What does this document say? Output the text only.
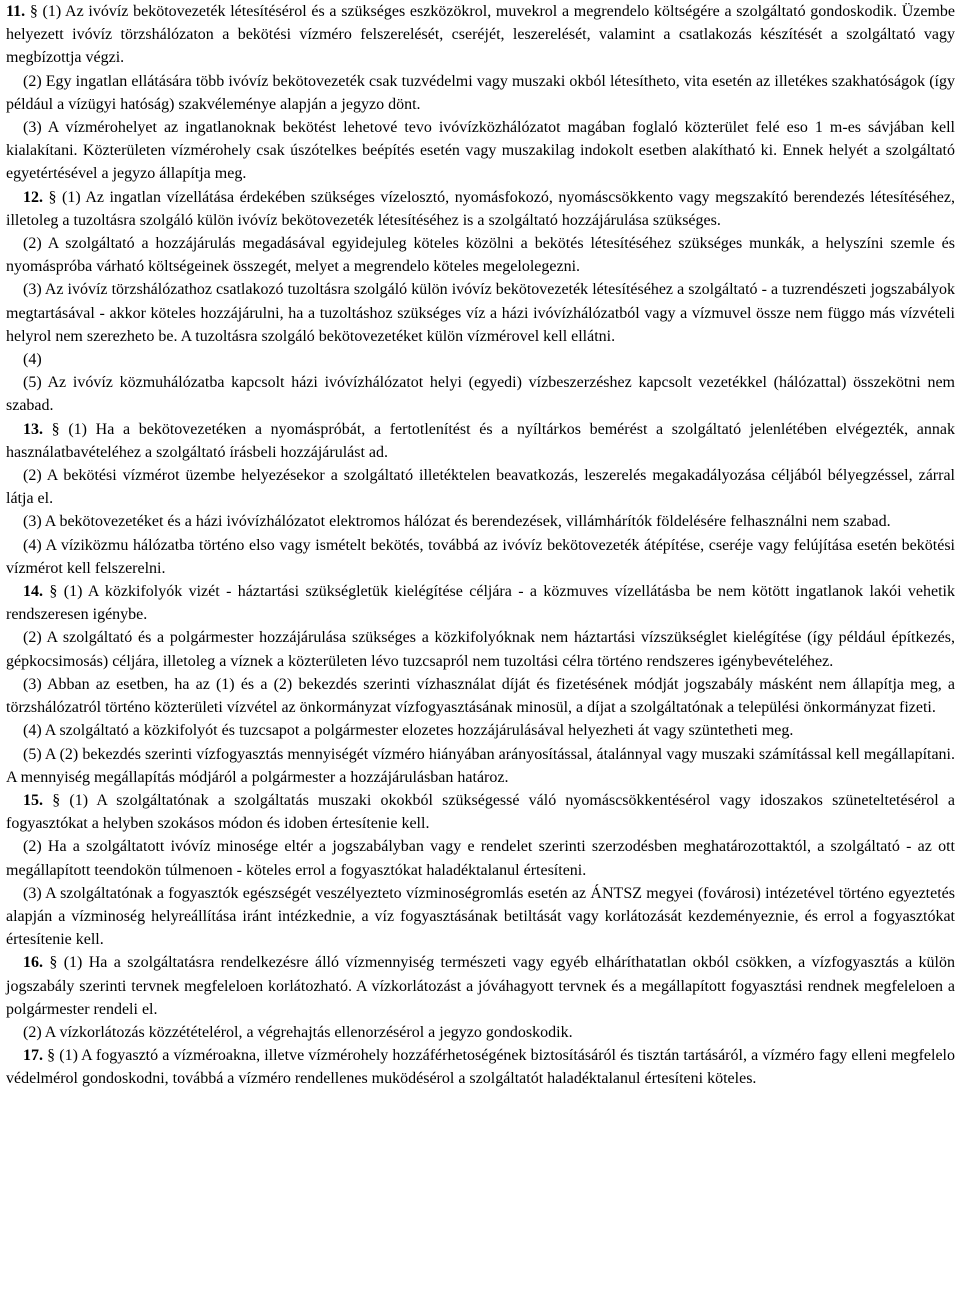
11. § (1) Az ivóvíz bekötovezeték létesítésérol és a szükséges eszközökrol, muvekrol a megrendelo költségére a szolgáltató gondoskodik. Üzembe helyezett ivóvíz törzshálózaton a bekötési vízméro felszerelését, cseréjét, leszerelését, valamint a csatlakozás készítését a szolgáltató vagy megbízottja végzi.

(2) Egy ingatlan ellátására több ivóvíz bekötovezeték csak tuzvédelmi vagy muszaki okból létesítheto, vita esetén az illetékes szakhatóságok (így például a vízügyi hatóság) szakvéleménye alapján a jegyzo dönt.

(3) A vízmérohelyet az ingatlanoknak bekötést lehetové tevo ivóvízközhálózatot magában foglaló közterület felé eso 1 m-es sávjában kell kialakítani. Közterületen vízmérohely csak úszótelkes beépítés esetén vagy muszakilag indokolt esetben alakítható ki. Ennek helyét a szolgáltató egyetértésével a jegyzo állapítja meg.

12. § (1) Az ingatlan vízellátása érdekében szükséges vízelosztó, nyomásfokozó, nyomáscsökkento vagy megszakító berendezés létesítéséhez, illetoleg a tuzoltásra szolgáló külön ivóvíz bekötovezeték létesítéséhez is a szolgáltató hozzájárulása szükséges.

(2) A szolgáltató a hozzájárulás megadásával egyidejuleg köteles közölni a bekötés létesítéséhez szükséges munkák, a helyszíni szemle és nyomáspróba várható költségeinek összegét, melyet a megrendelo köteles megelolegezni.

(3) Az ivóvíz törzshálózathoz csatlakozó tuzoltásra szolgáló külön ivóvíz bekötovezeték létesítéséhez a szolgáltató - a tuzrendészeti jogszabályok megtartásával - akkor köteles hozzájárulni, ha a tuzoltáshoz szükséges víz a házi ivóvízhálózatból vagy a vízmuvel össze nem függo más vízvételi helyrol nem szerezheto be. A tuzoltásra szolgáló bekötovezetéket külön vízmérovel kell ellátni.

(4)

(5) Az ivóvíz közmuhálózatba kapcsolt házi ivóvízhálózatot helyi (egyedi) vízbeszerzéshez kapcsolt vezetékkel (hálózattal) összekötni nem szabad.

13. § (1) Ha a bekötovezetéken a nyomáspróbát, a fertotlenítést és a nyíltárkos bemérést a szolgáltató jelenlétében elvégezték, annak használatbavételéhez a szolgáltató írásbeli hozzájárulást ad.

(2) A bekötési vízmérot üzembe helyezésekor a szolgáltató illetéktelen beavatkozás, leszerelés megakadályozása céljából bélyegzéssel, zárral látja el.

(3) A bekötovezetéket és a házi ivóvízhálózatot elektromos hálózat és berendezések, villámhárítók földelésére felhasználni nem szabad.

(4) A víziközmu hálózatba történo elso vagy ismételt bekötés, továbbá az ivóvíz bekötovezeték átépítése, cseréje vagy felújítása esetén bekötési vízmérot kell felszerelni.

14. § (1) A közkifolyók vizét - háztartási szükségletük kielégítése céljára - a közmuves vízellátásba be nem kötött ingatlanok lakói vehetik rendszeresen igénybe.

(2) A szolgáltató és a polgármester hozzájárulása szükséges a közkifolyóknak nem háztartási vízszükséglet kielégítése (így például építkezés, gépkocsimosás) céljára, illetoleg a víznek a közterületen lévo tuzcsapról nem tuzoltási célra történo rendszeres igénybevételéhez.

(3) Abban az esetben, ha az (1) és a (2) bekezdés szerinti vízhasználat díját és fizetésének módját jogszabály másként nem állapítja meg, a törzshálózatról történo közterületi vízvétel az önkormányzat vízfogyasztásának minosül, a díjat a szolgáltatónak a települési önkormányzat fizeti.

(4) A szolgáltató a közkifolyót és tuzcsapot a polgármester elozetes hozzájárulásával helyezheti át vagy szüntetheti meg.

(5) A (2) bekezdés szerinti vízfogyasztás mennyiségét vízméro hiányában arányosítással, átalánnyal vagy muszaki számítással kell megállapítani. A mennyiség megállapítás módjáról a polgármester a hozzájárulásban határoz.

15. § (1) A szolgáltatónak a szolgáltatás muszaki okokból szükségessé váló nyomáscsökkentésérol vagy idoszakos szüneteltetésérol a fogyasztókat a helyben szokásos módon és idoben értesítenie kell.

(2) Ha a szolgáltatott ivóvíz minosége eltér a jogszabályban vagy e rendelet szerinti szerzodésben meghatározottaktól, a szolgáltató - az ott megállapított teendokön túlmenoen - köteles errol a fogyasztókat haladéktalanul értesíteni.

(3) A szolgáltatónak a fogyasztók egészségét veszélyezteto vízminoségromlás esetén az ÁNTSZ megyei (fovárosi) intézetével történo egyeztetés alapján a vízminoség helyreállítása iránt intézkednie, a víz fogyasztásának betiltását vagy korlátozását kezdeményeznie, és errol a fogyasztókat értesítenie kell.

16. § (1) Ha a szolgáltatásra rendelkezésre álló vízmennyiség természeti vagy egyéb elháríthatatlan okból csökken, a vízfogyasztás a külön jogszabály szerinti tervnek megfeleloen korlátozható. A vízkorlátozást a jóváhagyott tervnek és a megállapított fogyasztási rendnek megfeleloen a polgármester rendeli el.

(2) A vízkorlátozás közzétételérol, a végrehajtás ellenorzésérol a jegyzo gondoskodik.

17. § (1) A fogyasztó a vízméroakna, illetve vízmérohely hozzáférhetoségének biztosításáról és tisztán tartásáról, a vízméro fagy elleni megfelelo védelmérol gondoskodni, továbbá a vízméro rendellenes muködésérol a szolgáltatót haladéktalanul értesíteni köteles.
